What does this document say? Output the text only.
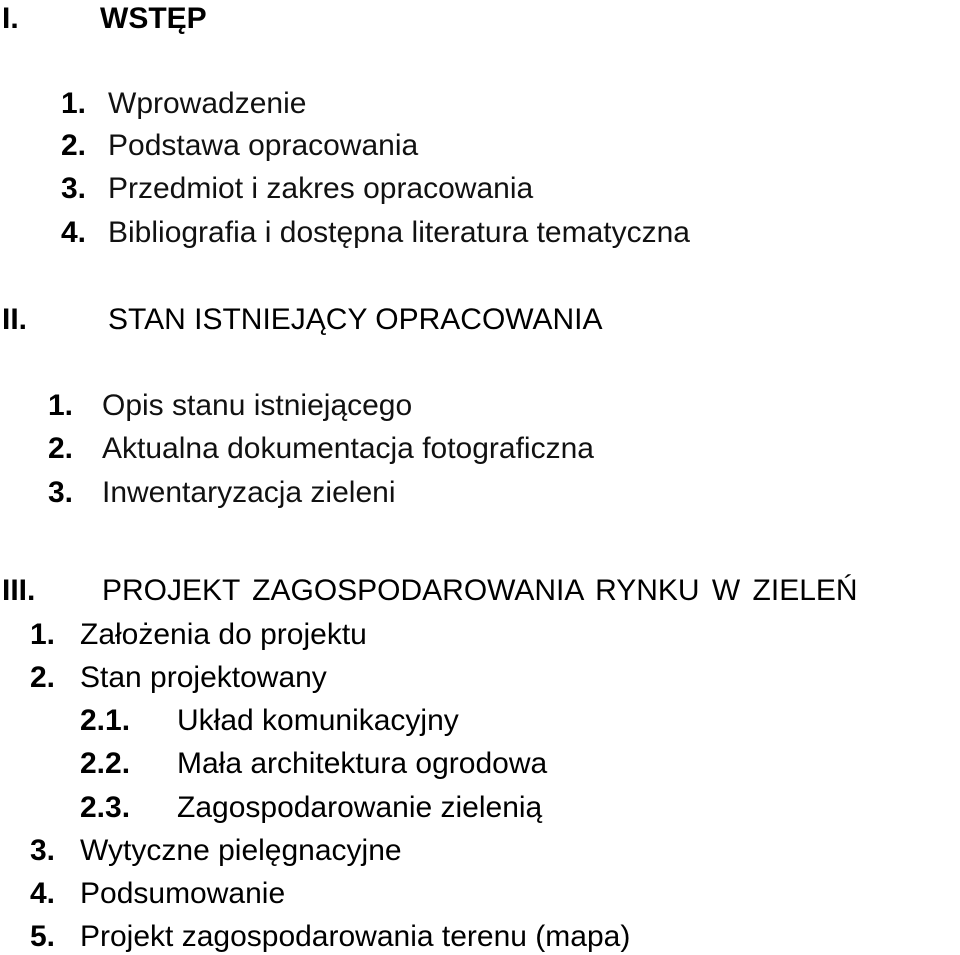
I.	WSTĘP
1. Wprowadzenie
2. Podstawa opracowania
3. Przedmiot i zakres opracowania
4. Bibliografia i dostępna literatura tematyczna
II.	STAN ISTNIEJĄCY OPRACOWANIA
1. Opis stanu istniejącego
2. Aktualna dokumentacja fotograficzna
3. Inwentaryzacja zieleni
III. PROJEKT ZAGOSPODAROWANIA RYNKU W ZIELEŃ
1. Założenia do projektu
2. Stan projektowany
2.1. Układ komunikacyjny
2.2. Mała architektura ogrodowa
2.3. Zagospodarowanie zielenią
3. Wytyczne pielęgnacyjne
4. Podsumowanie
5. Projekt zagospodarowania terenu (mapa)
